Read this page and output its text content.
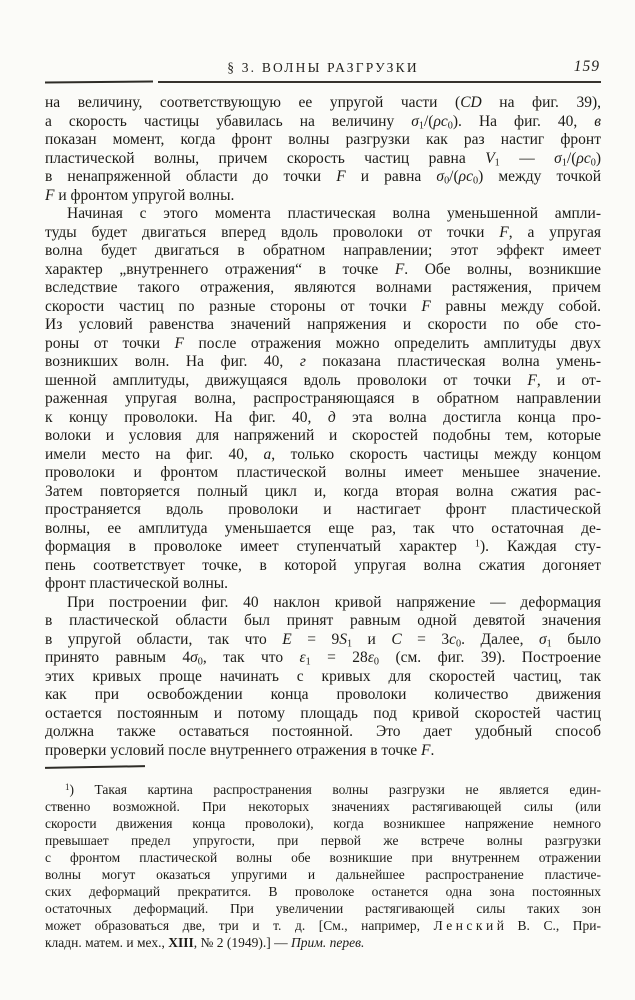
§ 3. ВОЛНЫ РАЗГРУЗКИ	159
на величину, соответствующую ее упругой части (CD на фиг. 39),
а скорость частицы убавилась на величину $\sigma_1/(\rho c_0)$. На фиг. 40, в
показан момент, когда фронт волны разгрузки как раз настиг фронт
пластической волны, причем скорость частиц равна $V_1$ — $\sigma_1/(\rho c_0)$
в ненапряженной области до точки F и равна $\sigma_0/(\rho c_0)$ между точкой
F и фронтом упругой волны.
Начиная с этого момента пластическая волна уменьшенной ампли-
туды будет двигаться вперед вдоль проволоки от точки F, а упругая
волна будет двигаться в обратном направлении; этот эффект имеет
характер „внутреннего отражения“ в точке F. Обе волны, возникшие
вследствие такого отражения, являются волнами растяжения, причем
скорости частиц по разные стороны от точки F равны между собой.
Из условий равенства значений напряжения и скорости по обе сто-
роны от точки F после отражения можно определить амплитуды двух
возникших волн. На фиг. 40, г показана пластическая волна умень-
шенной амплитуды, движущаяся вдоль проволоки от точки F, и от-
раженная упругая волна, распространяющаяся в обратном направлении
к концу проволоки. На фиг. 40, д эта волна достигла конца про-
волоки и условия для напряжений и скоростей подобны тем, которые
имели место на фиг. 40, а, только скорость частицы между концом
проволоки и фронтом пластической волны имеет меньшее значение.
Затем повторяется полный цикл и, когда вторая волна сжатия рас-
пространяется вдоль проволоки и настигает фронт пластической
волны, ее амплитуда уменьшается еще раз, так что остаточная де-
формация в проволоке имеет ступенчатый характер $^1$). Каждая сту-
пень соответствует точке, в которой упругая волна сжатия догоняет
фронт пластической волны.
При построении фиг. 40 наклон кривой напряжение — деформация
в пластической области был принят равным одной девятой значения
в упругой области, так что $E = 9S_1$ и $C = 3c_0$. Далее, $\sigma_1$ было
принято равным $4\sigma_0$, так что $\varepsilon_1 = 28\varepsilon_0$ (см. фиг. 39). Построение
этих кривых проще начинать с кривых для скоростей частиц, так
как при освобождении конца проволоки количество движения
остается постоянным и потому площадь под кривой скоростей частиц
должна также оставаться постоянной. Это дает удобный способ
проверки условий после внутреннего отражения в точке F.
$^1$) Такая картина распространения волны разгрузки не является един-
ственно возможной. При некоторых значениях растягивающей силы (или
скорости движения конца проволоки), когда возникшее напряжение немного
превышает предел упругости, при первой же встрече волны разгрузки
с фронтом пластической волны обе возникшие при внутреннем отражении
волны могут оказаться упругими и дальнейшее распространение пластиче-
ских деформаций прекратится. В проволоке останется одна зона постоянных
остаточных деформаций. При увеличении растягивающей силы таких зон
может образоваться две, три и т. д. [См., например, Ленский В. С., При-
кладн. матем. и мех., XIII, № 2 (1949).] — Прим. перев.
